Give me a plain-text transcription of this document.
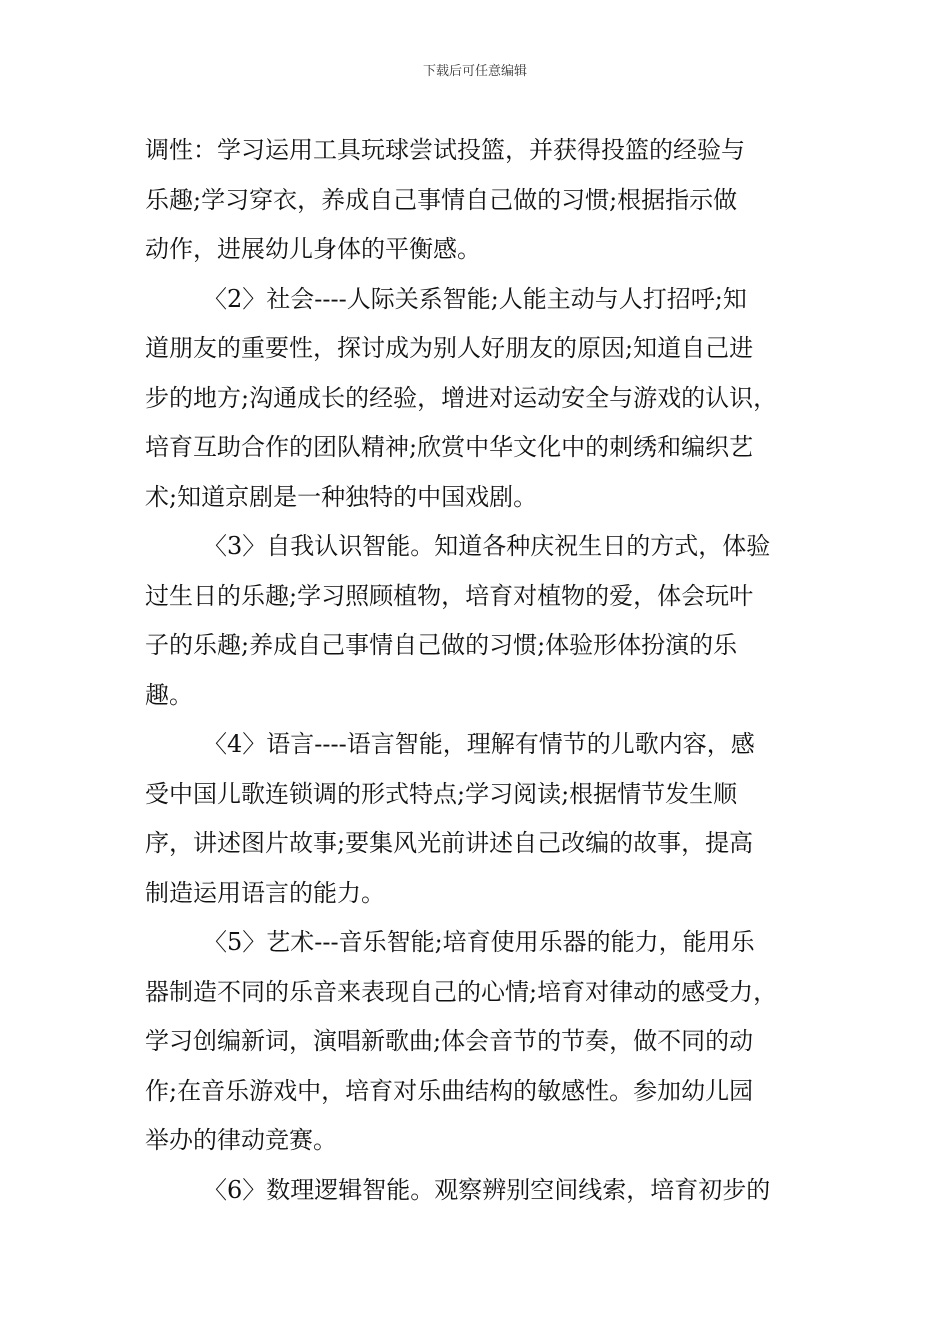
下载后可任意编辑
调性：学习运用工具玩球尝试投篮，并获得投篮的经验与
乐趣;学习穿衣，养成自己事情自己做的习惯;根据指示做
动作，进展幼儿身体的平衡感。
〈2〉社会----人际关系智能;人能主动与人打招呼;知
道朋友的重要性，探讨成为别人好朋友的原因;知道自己进
步的地方;沟通成长的经验，增进对运动安全与游戏的认识，
培育互助合作的团队精神;欣赏中华文化中的刺绣和编织艺
术;知道京剧是一种独特的中国戏剧。
〈3〉自我认识智能。知道各种庆祝生日的方式，体验
过生日的乐趣;学习照顾植物，培育对植物的爱，体会玩叶
子的乐趣;养成自己事情自己做的习惯;体验形体扮演的乐
趣。
〈4〉语言----语言智能，理解有情节的儿歌内容，感
受中国儿歌连锁调的形式特点;学习阅读;根据情节发生顺
序，讲述图片故事;要集风光前讲述自己改编的故事，提高
制造运用语言的能力。
〈5〉艺术---音乐智能;培育使用乐器的能力，能用乐
器制造不同的乐音来表现自己的心情;培育对律动的感受力，
学习创编新词，演唱新歌曲;体会音节的节奏，做不同的动
作;在音乐游戏中，培育对乐曲结构的敏感性。参加幼儿园
举办的律动竞赛。
〈6〉数理逻辑智能。观察辨别空间线索，培育初步的
